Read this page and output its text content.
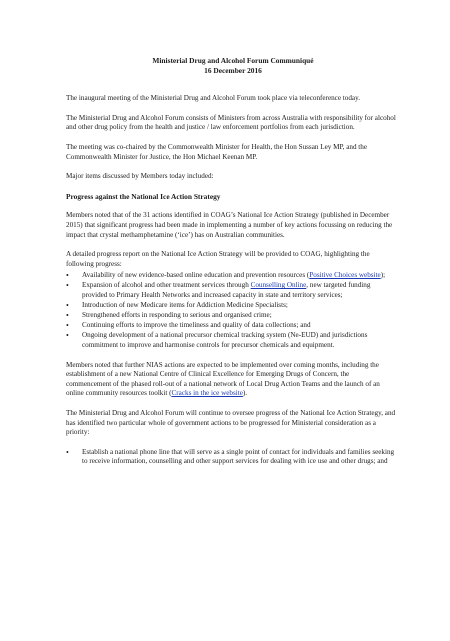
Ministerial Drug and Alcohol Forum Communiqué
16 December 2016

The inaugural meeting of the Ministerial Drug and Alcohol Forum took place via teleconference today.

The Ministerial Drug and Alcohol Forum consists of Ministers from across Australia with responsibility for alcohol and other drug policy from the health and justice / law enforcement portfolios from each jurisdiction.

The meeting was co-chaired by the Commonwealth Minister for Health, the Hon Sussan Ley MP, and the Commonwealth Minister for Justice, the Hon Michael Keenan MP.

Major items discussed by Members today included:

Progress against the National Ice Action Strategy

Members noted that of the 31 actions identified in COAG’s National Ice Action Strategy (published in December 2015) that significant progress had been made in implementing a number of key actions focussing on reducing the impact that crystal methamphetamine (‘ice’) has on Australian communities.

A detailed progress report on the National Ice Action Strategy will be provided to COAG, highlighting the following progress:

• Availability of new evidence-based online education and prevention resources (Positive Choices website);
• Expansion of alcohol and other treatment services through Counselling Online, new targeted funding provided to Primary Health Networks and increased capacity in state and territory services;
• Introduction of new Medicare items for Addiction Medicine Specialists;
• Strengthened efforts in responding to serious and organised crime;
• Continuing efforts to improve the timeliness and quality of data collections; and
• Ongoing development of a national precursor chemical tracking system (Ne-EUD) and jurisdictions commitment to improve and harmonise controls for precursor chemicals and equipment.

Members noted that further NIAS actions are expected to be implemented over coming months, including the establishment of a new National Centre of Clinical Excellence for Emerging Drugs of Concern, the commencement of the phased roll-out of a national network of Local Drug Action Teams and the launch of an online community resources toolkit (Cracks in the ice website).

The Ministerial Drug and Alcohol Forum will continue to oversee progress of the National Ice Action Strategy, and has identified two particular whole of government actions to be progressed for Ministerial consideration as a priority:

• Establish a national phone line that will serve as a single point of contact for individuals and families seeking to receive information, counselling and other support services for dealing with ice use and other drugs; and
